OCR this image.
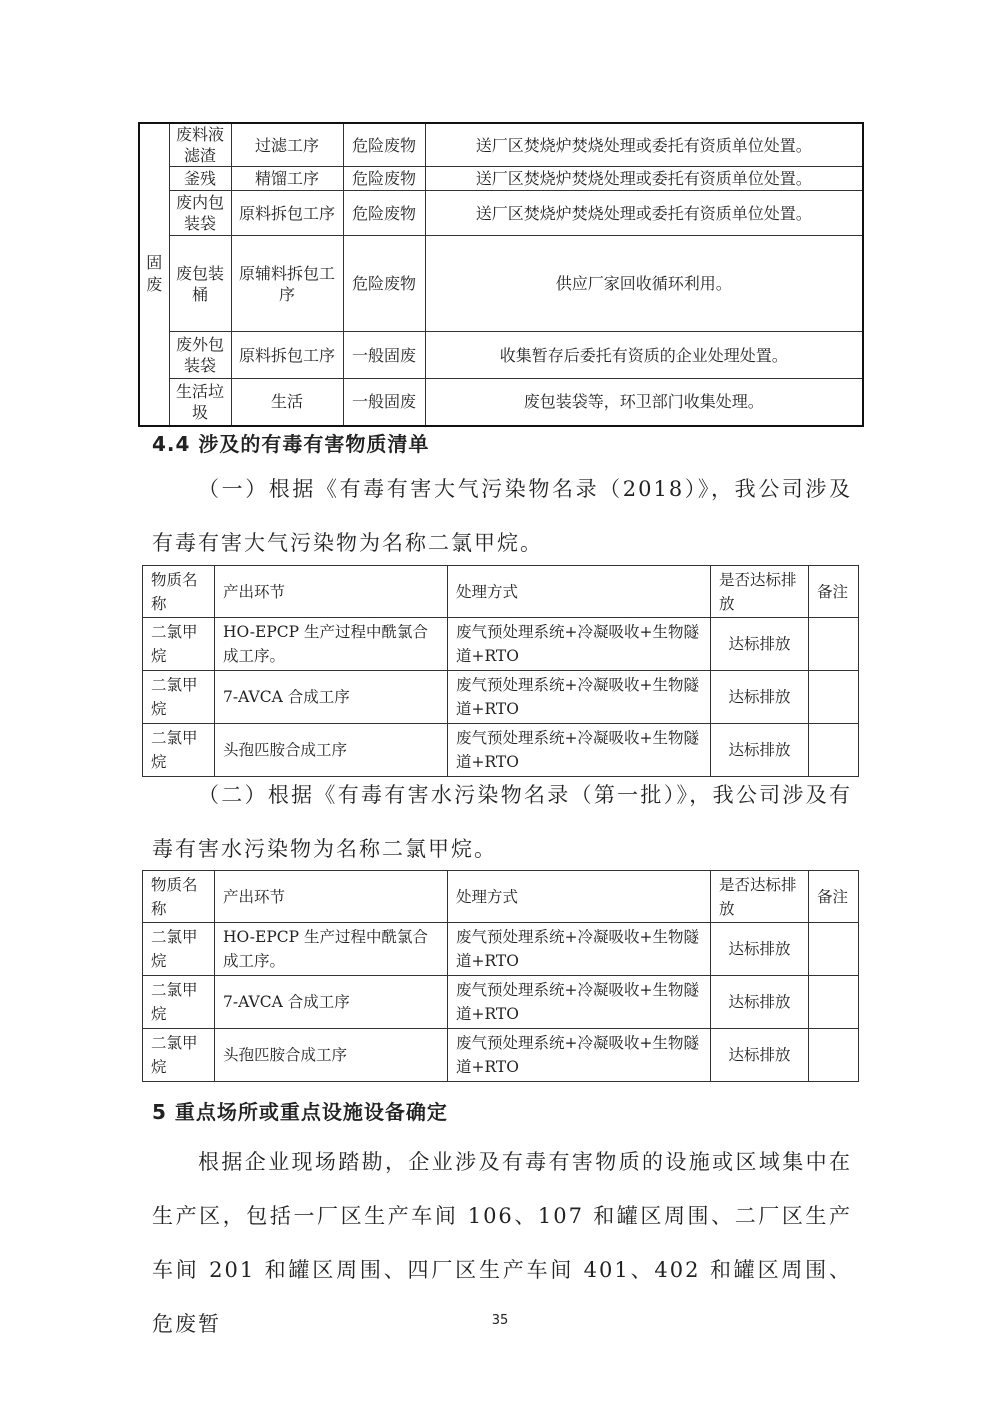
固废	废料液滤渣	过滤工序	危险废物	送厂区焚烧炉焚烧处理或委托有资质单位处置。
	釜残	精馏工序	危险废物	送厂区焚烧炉焚烧处理或委托有资质单位处置。
	废内包装袋	原料拆包工序	危险废物	送厂区焚烧炉焚烧处理或委托有资质单位处置。
	废包装桶	原辅料拆包工序	危险废物	供应厂家回收循环利用。
	废外包装袋	原料拆包工序	一般固废	收集暂存后委托有资质的企业处理处置。
	生活垃圾	生活	一般固废	废包装袋等，环卫部门收集处理。
4.4 涉及的有毒有害物质清单
（一）根据《有毒有害大气污染物名录（2018）》，我公司涉及有毒有害大气污染物为名称二氯甲烷。
物质名称	产出环节	处理方式	是否达标排放	备注
二氯甲烷	HO-EPCP 生产过程中酰氯合成工序。	废气预处理系统+冷凝吸收+生物隧道+RTO	达标排放	
二氯甲烷	7-AVCA 合成工序	废气预处理系统+冷凝吸收+生物隧道+RTO	达标排放	
二氯甲烷	头孢匹胺合成工序	废气预处理系统+冷凝吸收+生物隧道+RTO	达标排放	
（二）根据《有毒有害水污染物名录（第一批）》，我公司涉及有毒有害水污染物为名称二氯甲烷。
物质名称	产出环节	处理方式	是否达标排放	备注
二氯甲烷	HO-EPCP 生产过程中酰氯合成工序。	废气预处理系统+冷凝吸收+生物隧道+RTO	达标排放	
二氯甲烷	7-AVCA 合成工序	废气预处理系统+冷凝吸收+生物隧道+RTO	达标排放	
二氯甲烷	头孢匹胺合成工序	废气预处理系统+冷凝吸收+生物隧道+RTO	达标排放	
5 重点场所或重点设施设备确定
根据企业现场踏勘，企业涉及有毒有害物质的设施或区域集中在生产区，包括一厂区生产车间 106、107 和罐区周围、二厂区生产车间 201 和罐区周围、四厂区生产车间 401、402 和罐区周围、危废暂	35
